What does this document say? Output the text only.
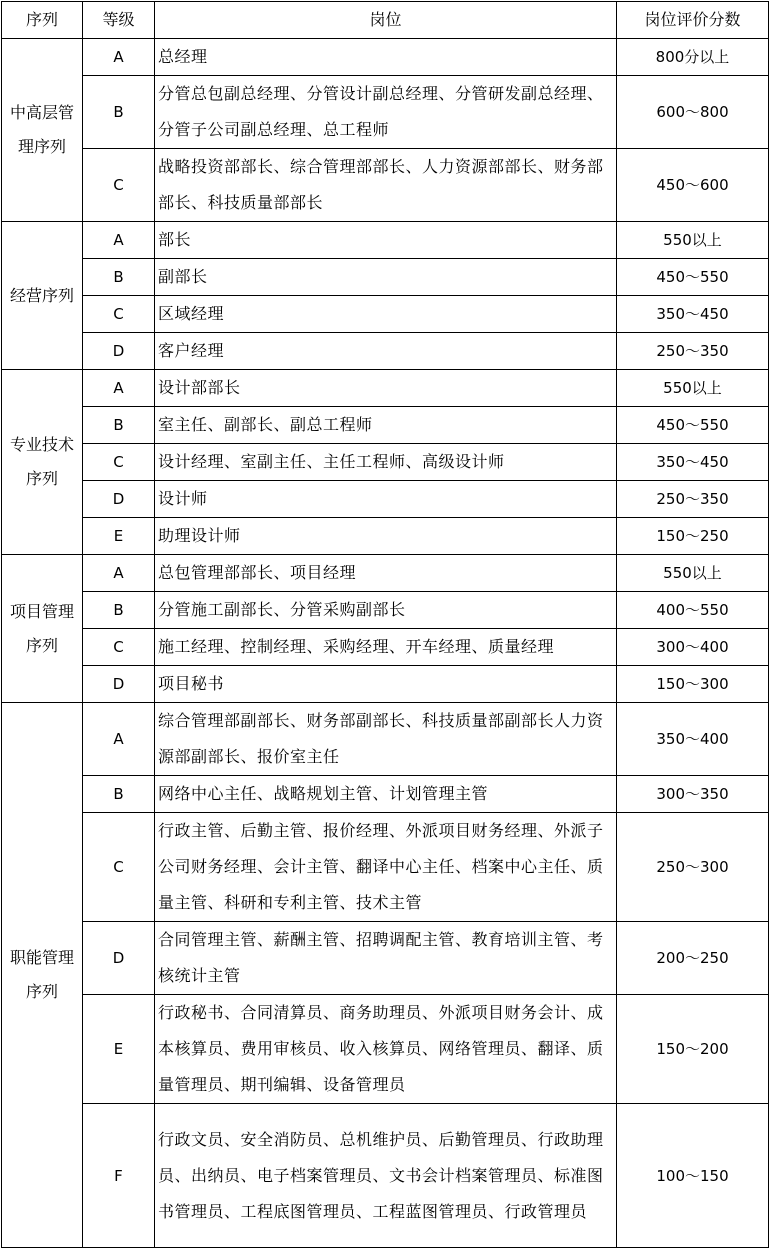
序列	等级	岗位	岗位评价分数
中高层管理序列	A	总经理	800分以上
	B	分管总包副总经理、分管设计副总经理、分管研发副总经理、分管子公司副总经理、总工程师	600～800
	C	战略投资部部长、综合管理部部长、人力资源部部长、财务部部长、科技质量部部长	450～600
经营序列	A	部长	550以上
	B	副部长	450～550
	C	区域经理	350～450
	D	客户经理	250～350
专业技术序列	A	设计部部长	550以上
	B	室主任、副部长、副总工程师	450～550
	C	设计经理、室副主任、主任工程师、高级设计师	350～450
	D	设计师	250～350
	E	助理设计师	150～250
项目管理序列	A	总包管理部部长、项目经理	550以上
	B	分管施工副部长、分管采购副部长	400～550
	C	施工经理、控制经理、采购经理、开车经理、质量经理	300～400
	D	项目秘书	150～300
职能管理序列	A	综合管理部副部长、财务部副部长、科技质量部副部长人力资源部副部长、报价室主任	350～400
	B	网络中心主任、战略规划主管、计划管理主管	300～350
	C	行政主管、后勤主管、报价经理、外派项目财务经理、外派子公司财务经理、会计主管、翻译中心主任、档案中心主任、质量主管、科研和专利主管、技术主管	250～300
	D	合同管理主管、薪酬主管、招聘调配主管、教育培训主管、考核统计主管	200～250
	E	行政秘书、合同清算员、商务助理员、外派项目财务会计、成本核算员、费用审核员、收入核算员、网络管理员、翻译、质量管理员、期刊编辑、设备管理员	150～200
	F	行政文员、安全消防员、总机维护员、后勤管理员、行政助理员、出纳员、电子档案管理员、文书会计档案管理员、标准图书管理员、工程底图管理员、工程蓝图管理员、行政管理员	100～150
